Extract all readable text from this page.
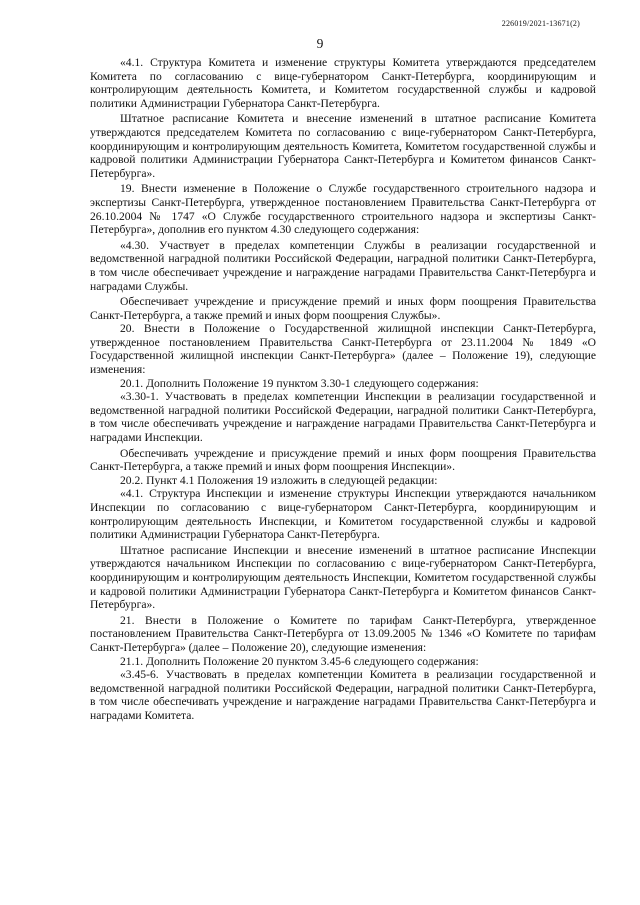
226019/2021-13671(2)
9

«4.1. Структура Комитета и изменение структуры Комитета утверждаются председателем Комитета по согласованию с вице-губернатором Санкт-Петербурга, координирующим и контролирующим деятельность Комитета, и Комитетом государственной службы и кадровой политики Администрации Губернатора Санкт-Петербурга.

Штатное расписание Комитета и внесение изменений в штатное расписание Комитета утверждаются председателем Комитета по согласованию с вице-губернатором Санкт-Петербурга, координирующим и контролирующим деятельность Комитета, Комитетом государственной службы и кадровой политики Администрации Губернатора Санкт-Петербурга и Комитетом финансов Санкт-Петербурга».

19. Внести изменение в Положение о Службе государственного строительного надзора и экспертизы Санкт-Петербурга, утвержденное постановлением Правительства Санкт-Петербурга от 26.10.2004 № 1747 «О Службе государственного строительного надзора и экспертизы Санкт-Петербурга», дополнив его пунктом 4.30 следующего содержания:

«4.30. Участвует в пределах компетенции Службы в реализации государственной и ведомственной наградной политики Российской Федерации, наградной политики Санкт-Петербурга, в том числе обеспечивает учреждение и награждение наградами Правительства Санкт-Петербурга и наградами Службы.

Обеспечивает учреждение и присуждение премий и иных форм поощрения Правительства Санкт-Петербурга, а также премий и иных форм поощрения Службы».

20. Внести в Положение о Государственной жилищной инспекции Санкт-Петербурга, утвержденное постановлением Правительства Санкт-Петербурга от 23.11.2004 № 1849 «О Государственной жилищной инспекции Санкт-Петербурга» (далее – Положение 19), следующие изменения:

20.1. Дополнить Положение 19 пунктом 3.30-1 следующего содержания:

«3.30-1. Участвовать в пределах компетенции Инспекции в реализации государственной и ведомственной наградной политики Российской Федерации, наградной политики Санкт-Петербурга, в том числе обеспечивать учреждение и награждение наградами Правительства Санкт-Петербурга и наградами Инспекции.

Обеспечивать учреждение и присуждение премий и иных форм поощрения Правительства Санкт-Петербурга, а также премий и иных форм поощрения Инспекции».

20.2. Пункт 4.1 Положения 19 изложить в следующей редакции:

«4.1. Структура Инспекции и изменение структуры Инспекции утверждаются начальником Инспекции по согласованию с вице-губернатором Санкт-Петербурга, координирующим и контролирующим деятельность Инспекции, и Комитетом государственной службы и кадровой политики Администрации Губернатора Санкт-Петербурга.

Штатное расписание Инспекции и внесение изменений в штатное расписание Инспекции утверждаются начальником Инспекции по согласованию с вице-губернатором Санкт-Петербурга, координирующим и контролирующим деятельность Инспекции, Комитетом государственной службы и кадровой политики Администрации Губернатора Санкт-Петербурга и Комитетом финансов Санкт-Петербурга».

21. Внести в Положение о Комитете по тарифам Санкт-Петербурга, утвержденное постановлением Правительства Санкт-Петербурга от 13.09.2005 № 1346 «О Комитете по тарифам Санкт-Петербурга» (далее – Положение 20), следующие изменения:

21.1. Дополнить Положение 20 пунктом 3.45-6 следующего содержания:

«3.45-6. Участвовать в пределах компетенции Комитета в реализации государственной и ведомственной наградной политики Российской Федерации, наградной политики Санкт-Петербурга, в том числе обеспечивать учреждение и награждение наградами Правительства Санкт-Петербурга и наградами Комитета.
